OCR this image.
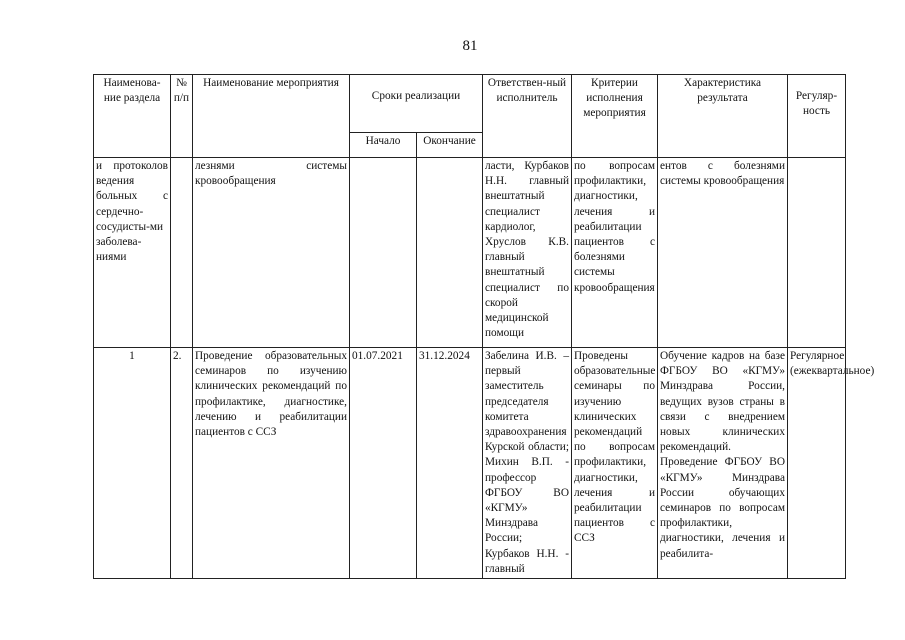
81
Наименова-ние раздела	№ п/п	Наименование мероприятия	Сроки реализации		Ответствен-ный исполнитель	Критерии исполнения мероприятия	Характеристика результата	Регуляр-ность
			Начало	Окончание				
и протоколов ведения больных с сердечно-сосудисты-ми заболева-ниями		лезнями системы кровообращения			ласти, Курбаков Н.Н. главный внештатный специалист кардиолог, Хруслов К.В. главный внештатный специалист по скорой медицинской помощи	по вопросам профилактики, диагностики, лечения и реабилитации пациентов с болезнями системы кровообращения	ентов с болезнями системы кровообращения	
1	2.	Проведение образовательных семинаров по изучению клинических рекомендаций по профилактике, диагностике, лечению и реабилитации пациентов с ССЗ	01.07.2021	31.12.2024	Забелина И.В. – первый заместитель председателя комитета здравоохранения Курской области; Михин В.П. - профессор ФГБОУ ВО «КГМУ» Минздрава России; Курбаков Н.Н. - главный	Проведены образовательные семинары по изучению клинических рекомендаций по вопросам профилактики, диагностики, лечения и реабилитации пациентов с ССЗ	Обучение кадров на базе ФГБОУ ВО «КГМУ» Минздрава России, ведущих вузов страны в связи с внедрением новых клинических рекомендаций. Проведение ФГБОУ ВО «КГМУ» Минздрава России обучающих семинаров по вопросам профилактики, диагностики, лечения и реабилита-	Регулярное (ежеквартальное)
